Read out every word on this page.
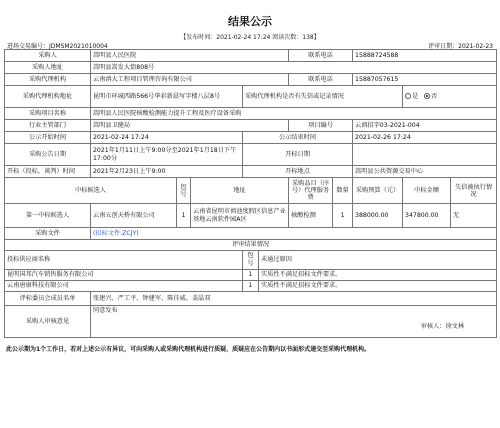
结果公示
【发布时间：2021-02-24 17:24 阅读次数：138】
进场交易编号：JDMSM2021010004	评审日期：2021-02-23
采购人	嵩明县人民医院					联系电话		15888724588		
采购人地址	嵩明县嵩发大街808号									
采购代理机构	云南滇大工程项目管理咨询有限公司					联系电话		15887057615		
采购代理机构地址	昆明市环城西路566号华彩新晨写字楼八层8号			采购代理机构是否有失信或记录情况					是 否	
采购项目名称	嵩明县人民医院核酸检测能力提升工程及医疗设备采购									
行业主管部门	嵩明县卫健局					项目编号		云滇招字03-2021-004		
公示开始时间	2021-02-24 17:24			公示结束时间				2021-02-26 17:24		
采购公告日期	2021年1月11日上午9:00分至2021年1月18日下午17:00分			开标日期						
开标（投标、谈判）时间	2021年2月23日上午9:00			开标地点				嵩明县公共资源交易中心		
中标候选人		包号	地址			采购品目（序号）代理服务费	数量	采购预算（元）	中标金额	失信被执行情况
第一中标候选人	云南五创天桥有限公司	1	云南省昆明市滇池度假区信息产业基地云南软件园A区			核酸检测	1	388000.00	347800.00	无
采购文件	(招标文件.ZCJY)									
评审结果情况										
投标供应商名称				包号	未通过原因					
昆明国邦汽车销售服务有限公司				1	实质性不满足招标文件要求。					
云南唐康科技有限公司				1	实质性不满足招标文件要求。					
评标委员会成员名单	张建兴、严工平、钟建军、陈佳威、姜晶双									
采购人审核意见	同意发布
审核人：徐文林									
此公示期为1个工作日，若对上述公示有异议，可向采购人或采购代理机构进行质疑，质疑应在公告期内以书面形式递交至采购代理机构。
